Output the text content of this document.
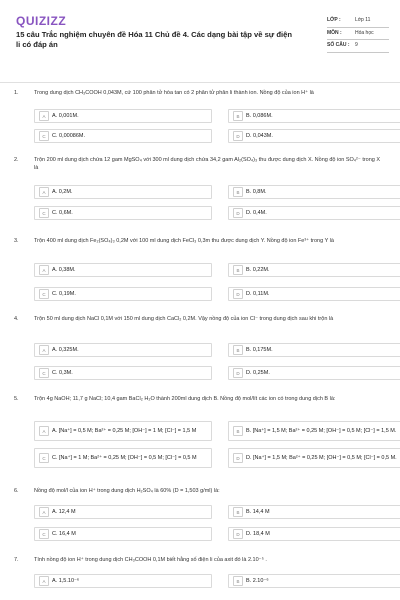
QUIZIZZ
15 câu Trắc nghiệm chuyên đề Hóa 11 Chủ đề 4. Các dạng bài tập về sự điện li có đáp án
LỚP :	Lớp 11
MÔN :	Hóa học
SỐ CÂU :	9
1.	Trong dung dịch CH₃COOH 0,043M, cứ 100 phân tử hòa tan có 2 phân tử phân li thành ion. Nồng độ của ion H⁺ là
A	A. 0,001M.	B	B. 0,086M.
C	C. 0,00086M.	D	D. 0,043M.
2.	Trộn 200 ml dung dịch chứa 12 gam MgSO₄ với 300 ml dung dịch chứa 34,2 gam Al₂(SO₄)₃ thu được dung dịch X. Nồng độ ion SO₄²⁻ trong X là
A	A. 0,2M.	B	B. 0,8M.
C	C. 0,6M.	D	D. 0,4M.
3.	Trộn 400 ml dung dịch Fe₂(SO₄)₃ 0,2M với 100 ml dung dịch FeCl₃ 0,3m thu được dung dịch Y. Nồng độ ion Fe³⁺ trong Y là
A	A. 0,38M.	B	B. 0,22M.
C	C. 0,19M.	D	D. 0,11M.
4.	Trộn 50 ml dung dịch NaCl 0,1M với 150 ml dung dịch CaCl₂ 0,2M. Vậy nồng độ của ion Cl⁻ trong dung dịch sau khi trộn là
A	A. 0,325M.	B	B. 0,175M.
C	C. 0,3M.	D	D. 0,25M.
5.	Trộn 4g NaOH; 11,7 g NaCl; 10,4 gam BaCl₂ H₂O thành 200ml dung dịch B. Nồng độ mol/lít các ion có trong dung dịch B là:
A	A. [Na⁺] = 0,5 M; Ba²⁺ = 0,25 M; [OH⁻] = 1 M; [Cl⁻] = 1,5 M	B	B. [Na⁺] = 1,5 M; Ba²⁺ = 0,25 M; [OH⁻] = 0,5 M; [Cl⁻] = 1,5 M.
C	C. [Na⁺] = 1 M; Ba²⁺ = 0,25 M; [OH⁻] = 0,5 M; [Cl⁻] = 0,5 M	D	D. [Na⁺] = 1,5 M; Ba²⁺ = 0,25 M; [OH⁻] = 0,5 M; [Cl⁻] = 0,5 M.
6.	Nồng độ mol/l của ion H⁺ trong dung dịch H₂SO₄ là 60% (D = 1,503 g/ml) là:
A	A. 12,4 M	B	B. 14,4 M
C	C. 16,4 M	D	D. 18,4 M
7.	Tính nồng độ ion H⁺ trong dung dịch CH₃COOH 0,1M biết hằng số điện li của axit đó là 2.10⁻⁵ .
A	A. 1,5.10⁻⁶	B	B. 2.10⁻⁶
